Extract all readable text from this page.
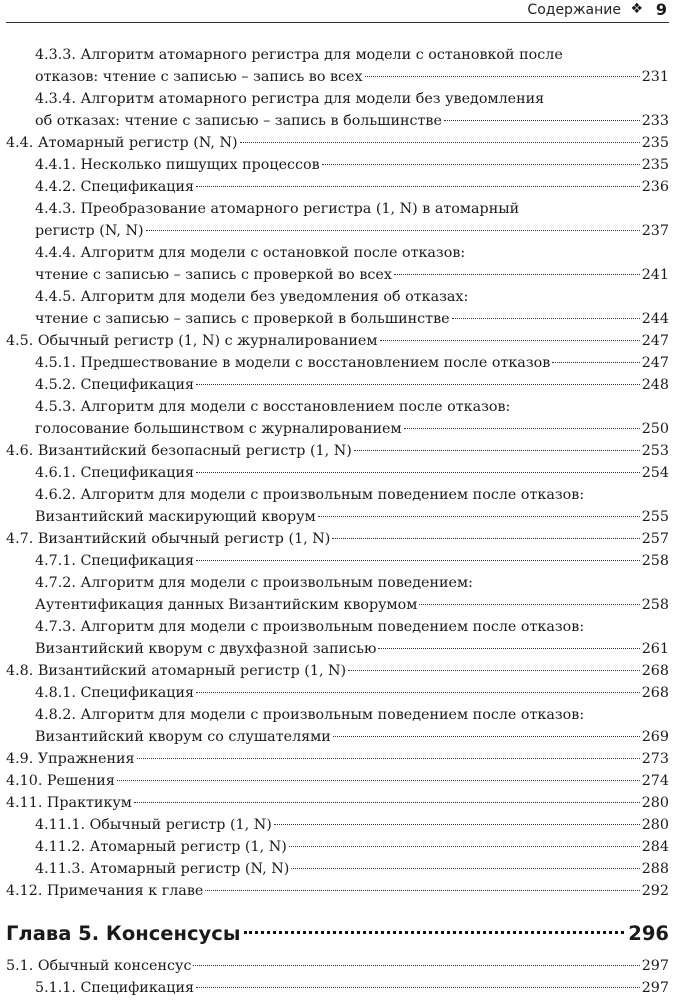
Содержание ❖ 9
4.3.3. Алгоритм атомарного регистра для модели с остановкой после
отказов: чтение с записью – запись во всех	231
4.3.4. Алгоритм атомарного регистра для модели без уведомления
об отказах: чтение с записью – запись в большинстве	233
4.4. Атомарный регистр (N, N)	235
4.4.1. Несколько пишущих процессов	235
4.4.2. Спецификация	236
4.4.3. Преобразование атомарного регистра (1, N) в атомарный
регистр (N, N)	237
4.4.4. Алгоритм для модели с остановкой после отказов:
чтение с записью – запись с проверкой во всех	241
4.4.5. Алгоритм для модели без уведомления об отказах:
чтение с записью – запись с проверкой в большинстве	244
4.5. Обычный регистр (1, N) с журналированием	247
4.5.1. Предшествование в модели с восстановлением после отказов	247
4.5.2. Спецификация	248
4.5.3. Алгоритм для модели с восстановлением после отказов:
голосование большинством с журналированием	250
4.6. Византийский безопасный регистр (1, N)	253
4.6.1. Спецификация	254
4.6.2. Алгоритм для модели с произвольным поведением после отказов:
Византийский маскирующий кворум	255
4.7. Византийский обычный регистр (1, N)	257
4.7.1. Спецификация	258
4.7.2. Алгоритм для модели с произвольным поведением:
Аутентификация данных Византийским кворумом	258
4.7.3. Алгоритм для модели с произвольным поведением после отказов:
Византийский кворум с двухфазной записью	261
4.8. Византийский атомарный регистр (1, N)	268
4.8.1. Спецификация	268
4.8.2. Алгоритм для модели с произвольным поведением после отказов:
Византийский кворум со слушателями	269
4.9. Упражнения	273
4.10. Решения	274
4.11. Практикум	280
4.11.1. Обычный регистр (1, N)	280
4.11.2. Атомарный регистр (1, N)	284
4.11.3. Атомарный регистр (N, N)	288
4.12. Примечания к главе	292
Глава 5. Консенсусы	296
5.1. Обычный консенсус	297
5.1.1. Спецификация	297
